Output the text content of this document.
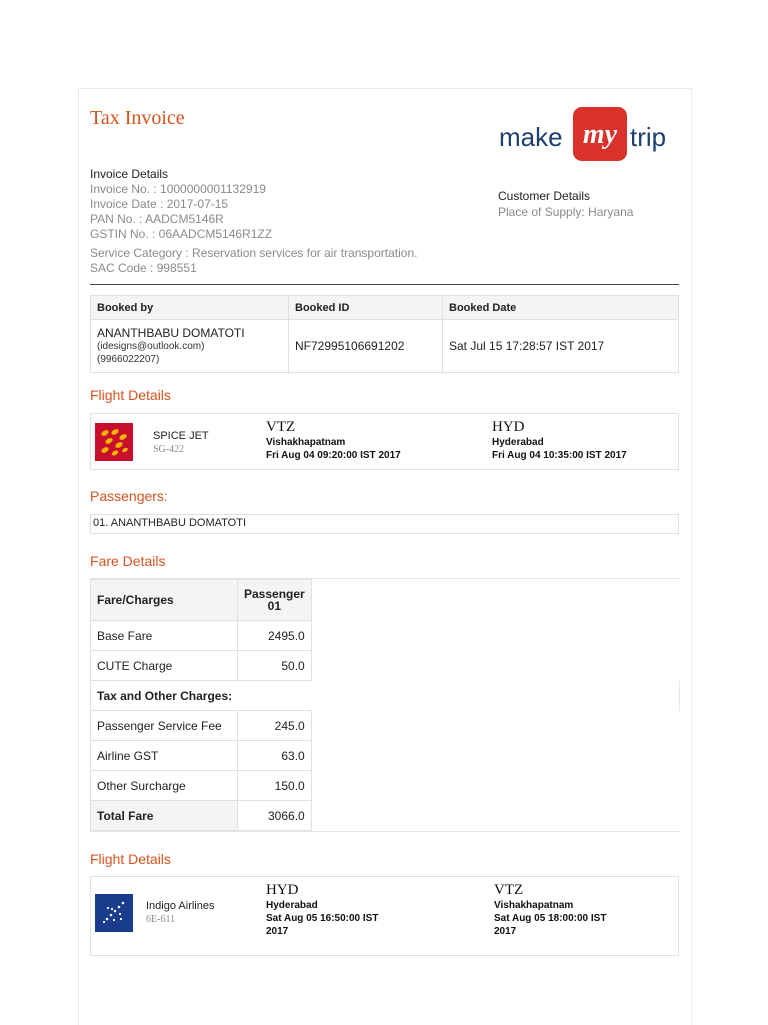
Tax Invoice
make my trip
Invoice Details
Invoice No. : 1000000001132919
Invoice Date : 2017-07-15
PAN No. : AADCM5146R
GSTIN No. : 06AADCM5146R1ZZ
Service Category : Reservation services for air transportation.
SAC Code : 998551
Customer Details
Place of Supply: Haryana
Booked by	Booked ID	Booked Date

ANANTHBABU DOMATOTI
(idesigns@outlook.com)
(9966022207)	NF72995106691202	Sat Jul 15 17:28:57 IST 2017
Flight Details
SPICE JET
SG-422
VTZ
Vishakhapatnam
Fri Aug 04 09:20:00 IST 2017
HYD
Hyderabad
Fri Aug 04 10:35:00 IST 2017
Passengers:
01. ANANTHBABU DOMATOTI
Fare Details
Fare/Charges	Passenger
01

Base Fare	2495.0
CUTE Charge	50.0
Tax and Other Charges:	
Passenger Service Fee	245.0
Airline GST	63.0
Other Surcharge	150.0
Total Fare	3066.0
Flight Details
Indigo Airlines
6E-611
HYD
Hyderabad
Sat Aug 05 16:50:00 IST
2017
VTZ
Vishakhapatnam
Sat Aug 05 18:00:00 IST
2017
